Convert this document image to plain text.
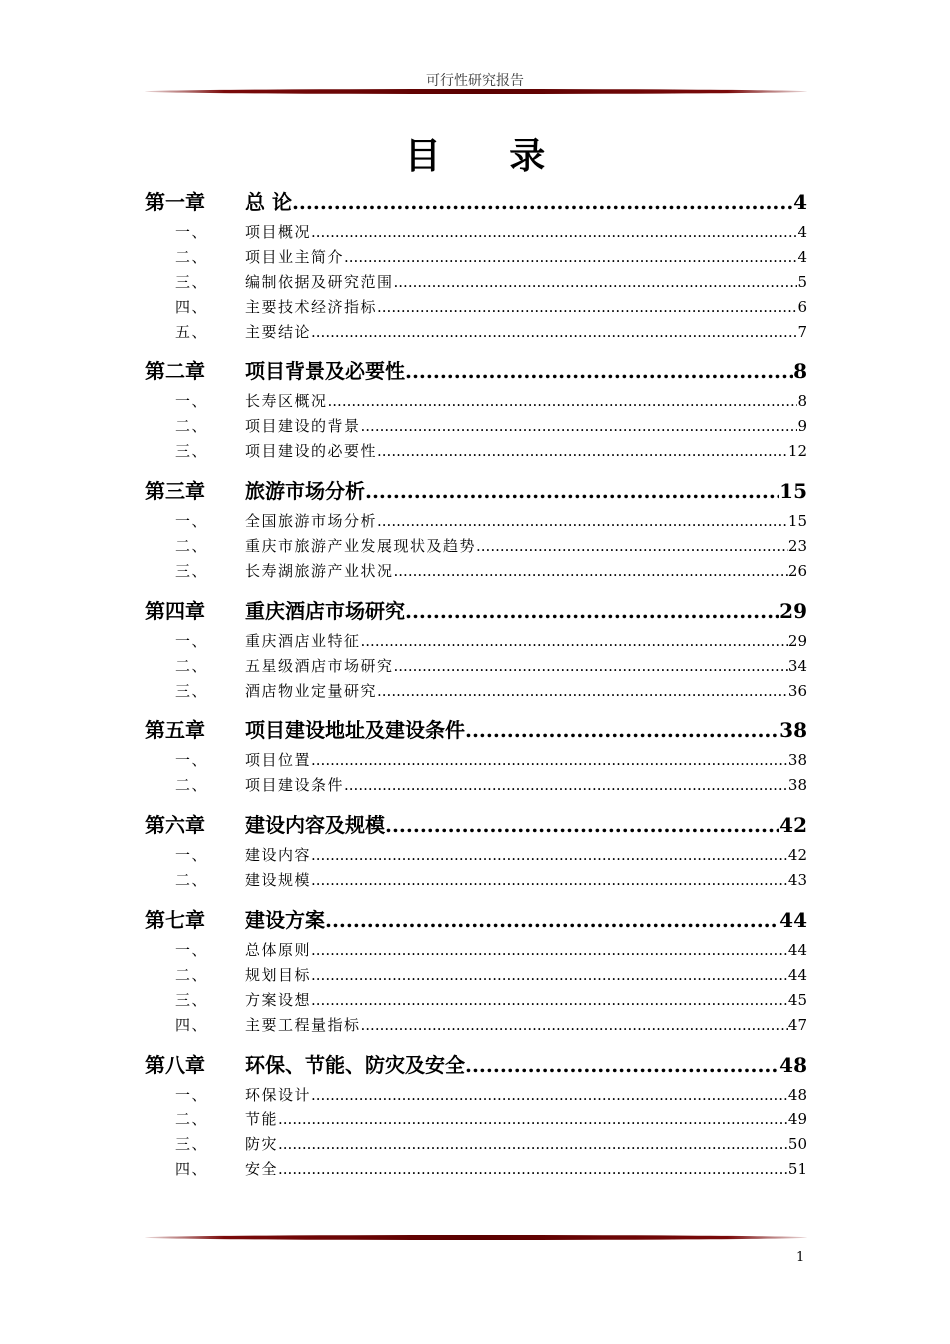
可行性研究报告
目 录
第一章	总 论 .....	4
一、	项目概况 .....	4
二、	项目业主简介 .....	4
三、	编制依据及研究范围 .....	5
四、	主要技术经济指标 .....	6
五、	主要结论 .....	7
第二章	项目背景及必要性 .....	8
一、	长寿区概况 .....	8
二、	项目建设的背景 .....	9
三、	项目建设的必要性 .....	12
第三章	旅游市场分析 .....	15
一、	全国旅游市场分析 .....	15
二、	重庆市旅游产业发展现状及趋势 .....	23
三、	长寿湖旅游产业状况 .....	26
第四章	重庆酒店市场研究 .....	29
一、	重庆酒店业特征 .....	29
二、	五星级酒店市场研究 .....	34
三、	酒店物业定量研究 .....	36
第五章	项目建设地址及建设条件 .....	38
一、	项目位置 .....	38
二、	项目建设条件 .....	38
第六章	建设内容及规模 .....	42
一、	建设内容 .....	42
二、	建设规模 .....	43
第七章	建设方案 .....	44
一、	总体原则 .....	44
二、	规划目标 .....	44
三、	方案设想 .....	45
四、	主要工程量指标 .....	47
第八章	环保、节能、防灾及安全 .....	48
一、	环保设计 .....	48
二、	节能 .....	49
三、	防灾 .....	50
四、	安全 .....	51
1
